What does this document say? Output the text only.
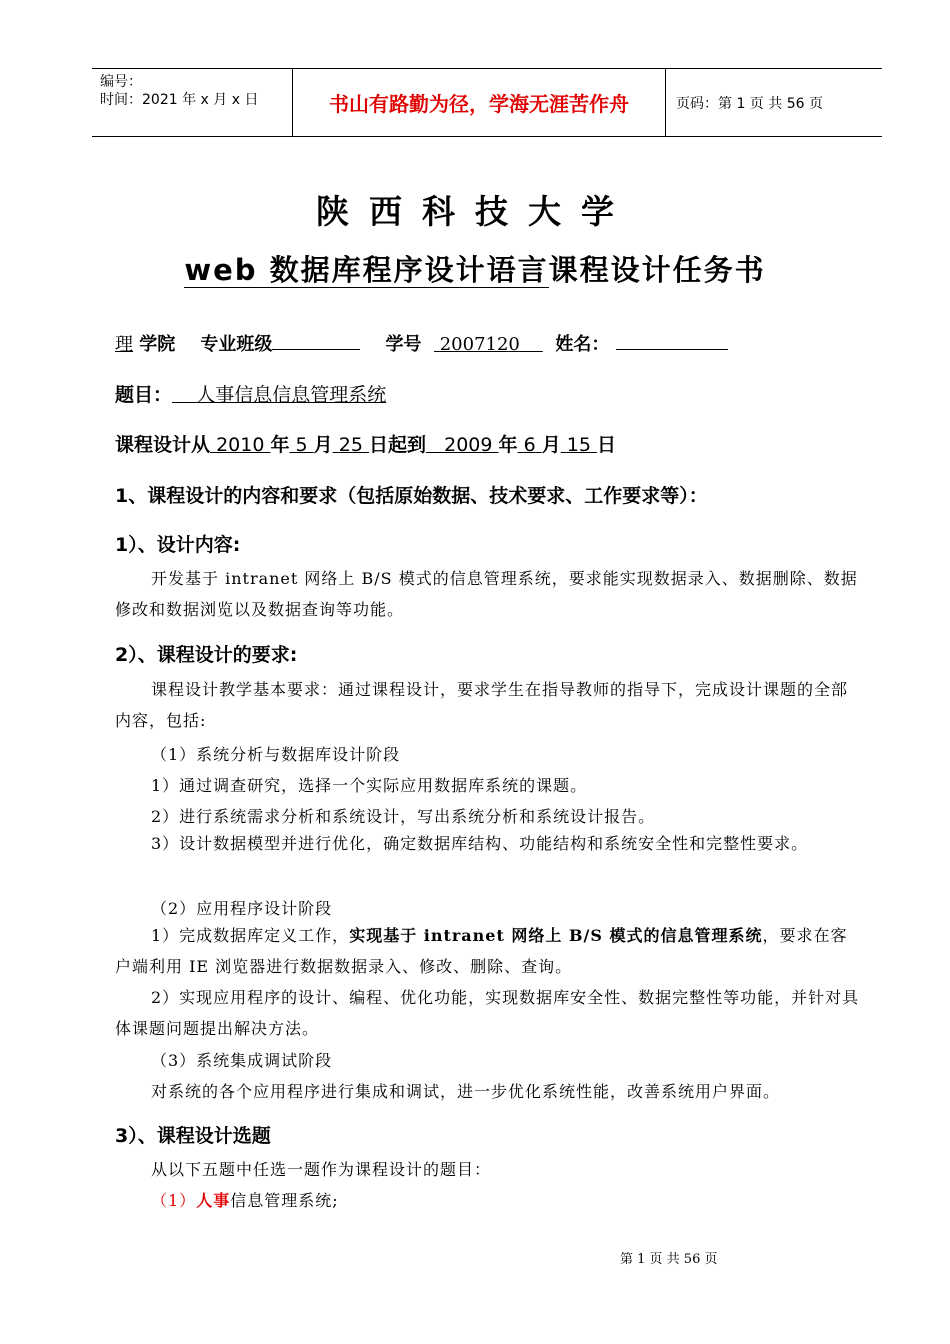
编号：
时间：2021 年 x 月 x 日	书山有路勤为径，学海无涯苦作舟	页码：第 1 页 共 56 页
陕西科技大学
web 数据库程序设计语言课程设计任务书
理 学院 专业班级	学号 2007120 姓名：
题目： 人事信息信息管理系统
课程设计从 2010 年 5 月 25 日起到 2009 年 6 月 15 日
1、课程设计的内容和要求（包括原始数据、技术要求、工作要求等）：
1）、设计内容:
开发基于 intranet 网络上 B/S 模式的信息管理系统，要求能实现数据录入、数据删除、数据修改和数据浏览以及数据查询等功能。
2）、课程设计的要求:
课程设计教学基本要求：通过课程设计，要求学生在指导教师的指导下，完成设计课题的全部内容，包括:
（1）系统分析与数据库设计阶段
1）通过调查研究，选择一个实际应用数据库系统的课题。
2）进行系统需求分析和系统设计，写出系统分析和系统设计报告。
3）设计数据模型并进行优化，确定数据库结构、功能结构和系统安全性和完整性要求。
（2）应用程序设计阶段
1）完成数据库定义工作，实现基于 intranet 网络上 B/S 模式的信息管理系统，要求在客户端利用 IE 浏览器进行数据数据录入、修改、删除、查询。
2）实现应用程序的设计、编程、优化功能，实现数据库安全性、数据完整性等功能，并针对具体课题问题提出解决方法。
（3）系统集成调试阶段
对系统的各个应用程序进行集成和调试，进一步优化系统性能，改善系统用户界面。
3）、课程设计选题
从以下五题中任选一题作为课程设计的题目：
（1）人事信息管理系统;
第 1 页 共 56 页
